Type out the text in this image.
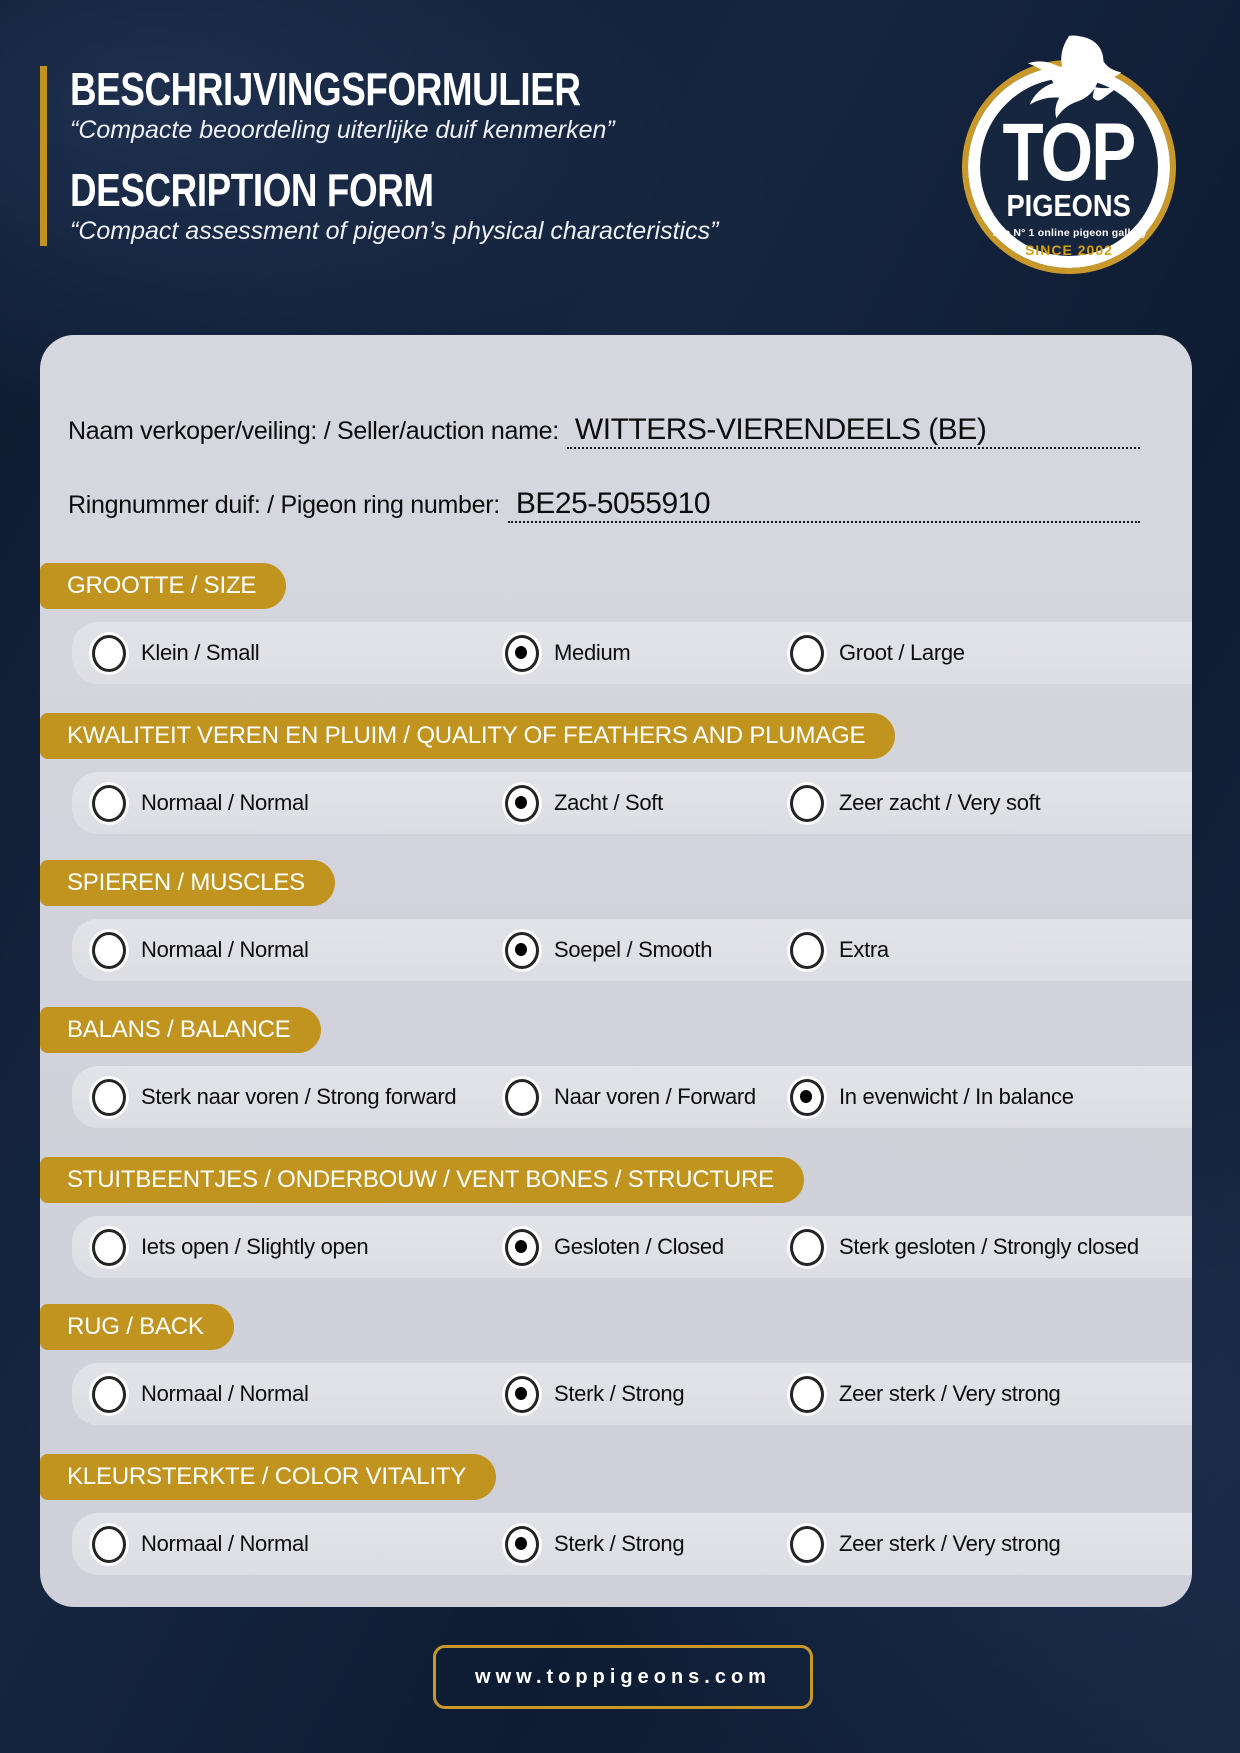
BESCHRIJVINGSFORMULIER
“Compacte beoordeling uiterlijke duif kenmerken”
DESCRIPTION FORM
“Compact assessment of pigeon’s physical characteristics”
TOP
PIGEONS
The N° 1 online pigeon gallery
SINCE 2002
Naam verkoper/veiling: / Seller/auction name: WITTERS-VIERENDEELS (BE)
Ringnummer duif: / Pigeon ring number: BE25-5055910
GROOTTE / SIZE
Klein / Small	Medium	Groot / Large
KWALITEIT VEREN EN PLUIM / QUALITY OF FEATHERS AND PLUMAGE
Normaal / Normal	Zacht / Soft	Zeer zacht / Very soft
SPIEREN / MUSCLES
Normaal / Normal	Soepel / Smooth	Extra
BALANS / BALANCE
Sterk naar voren / Strong forward	Naar voren / Forward	In evenwicht / In balance
STUITBEENTJES / ONDERBOUW / VENT BONES / STRUCTURE
Iets open / Slightly open	Gesloten / Closed	Sterk gesloten / Strongly closed
RUG / BACK
Normaal / Normal	Sterk / Strong	Zeer sterk / Very strong
KLEURSTERKTE / COLOR VITALITY
Normaal / Normal	Sterk / Strong	Zeer sterk / Very strong
www.toppigeons.com
